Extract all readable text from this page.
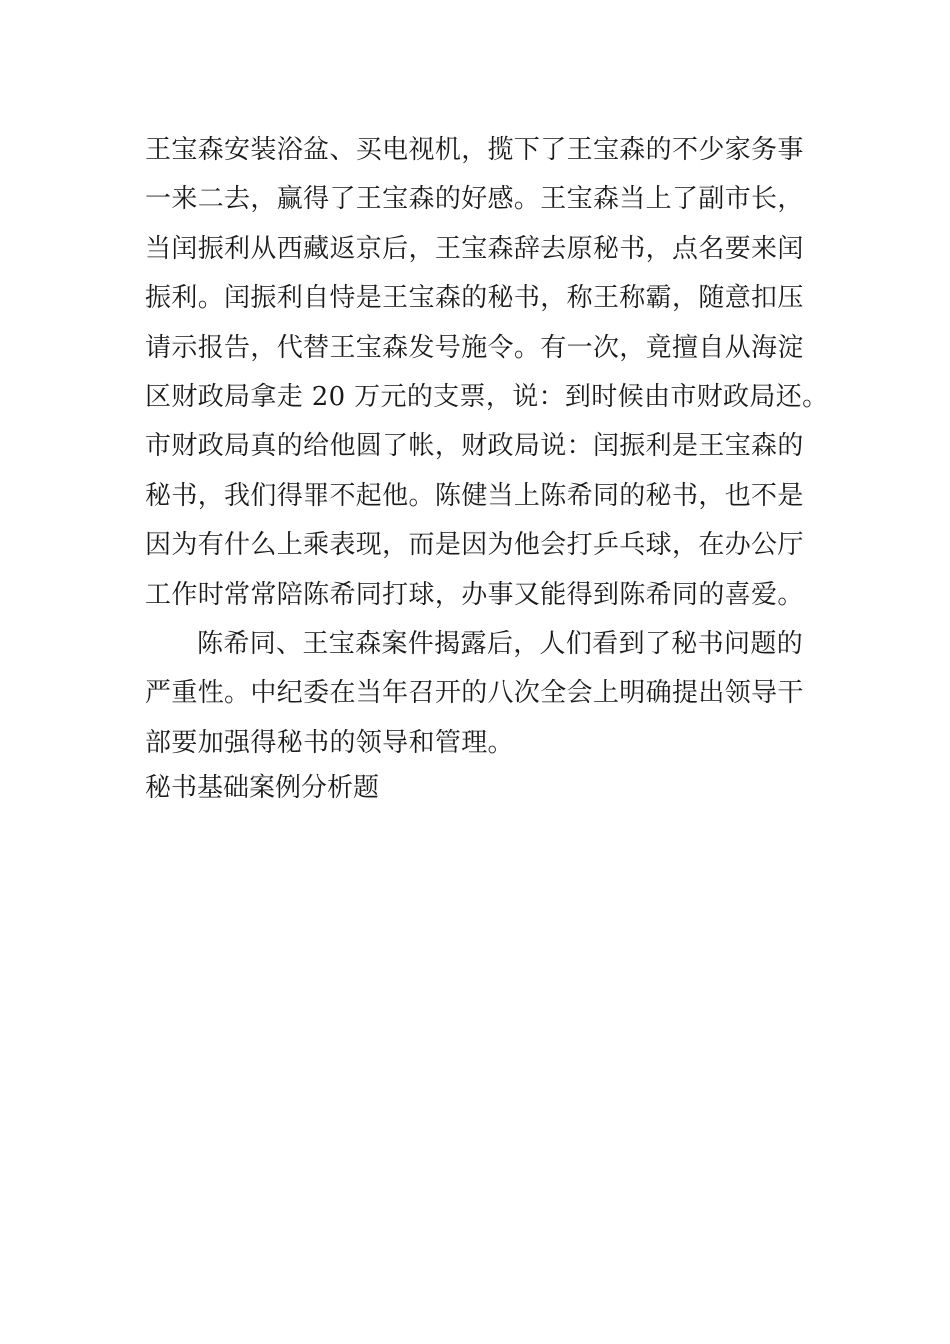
王宝森安装浴盆、买电视机，揽下了王宝森的不少家务事
一来二去，赢得了王宝森的好感。王宝森当上了副市长，
当闰振利从西藏返京后，王宝森辞去原秘书，点名要来闰
振利。闰振利自恃是王宝森的秘书，称王称霸，随意扣压
请示报告，代替王宝森发号施令。有一次，竟擅自从海淀
区财政局拿走 20 万元的支票，说：到时候由市财政局还。
市财政局真的给他圆了帐，财政局说：闰振利是王宝森的
秘书，我们得罪不起他。陈健当上陈希同的秘书，也不是
因为有什么上乘表现，而是因为他会打乒乓球，在办公厅
工作时常常陪陈希同打球，办事又能得到陈希同的喜爱。
陈希同、王宝森案件揭露后，人们看到了秘书问题的
严重性。中纪委在当年召开的八次全会上明确提出领导干
部要加强得秘书的领导和管理。
秘书基础案例分析题
